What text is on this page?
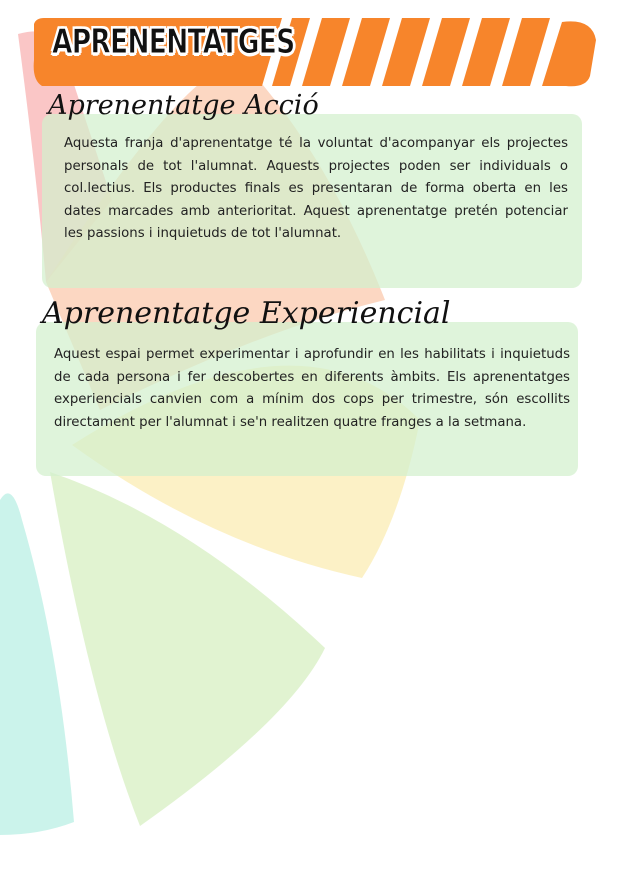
APRENENTATGES
Aprenentatge Acció

Aquesta franja d'aprenentatge té la voluntat d'acompanyar els projectes personals de tot l'alumnat. Aquests projectes poden ser individuals o col.lectius. Els productes finals es presentaran de forma oberta en les dates marcades amb anterioritat. Aquest aprenentatge pretén potenciar les passions i inquietuds de tot l'alumnat.

Aprenentatge Experiencial

Aquest espai permet experimentar i aprofundir en les habilitats i inquietuds de cada persona i fer descobertes en diferents àmbits. Els aprenentatges experiencials canvien com a mínim dos cops per trimestre, són escollits directament per l'alumnat i se'n realitzen quatre franges a la setmana.
